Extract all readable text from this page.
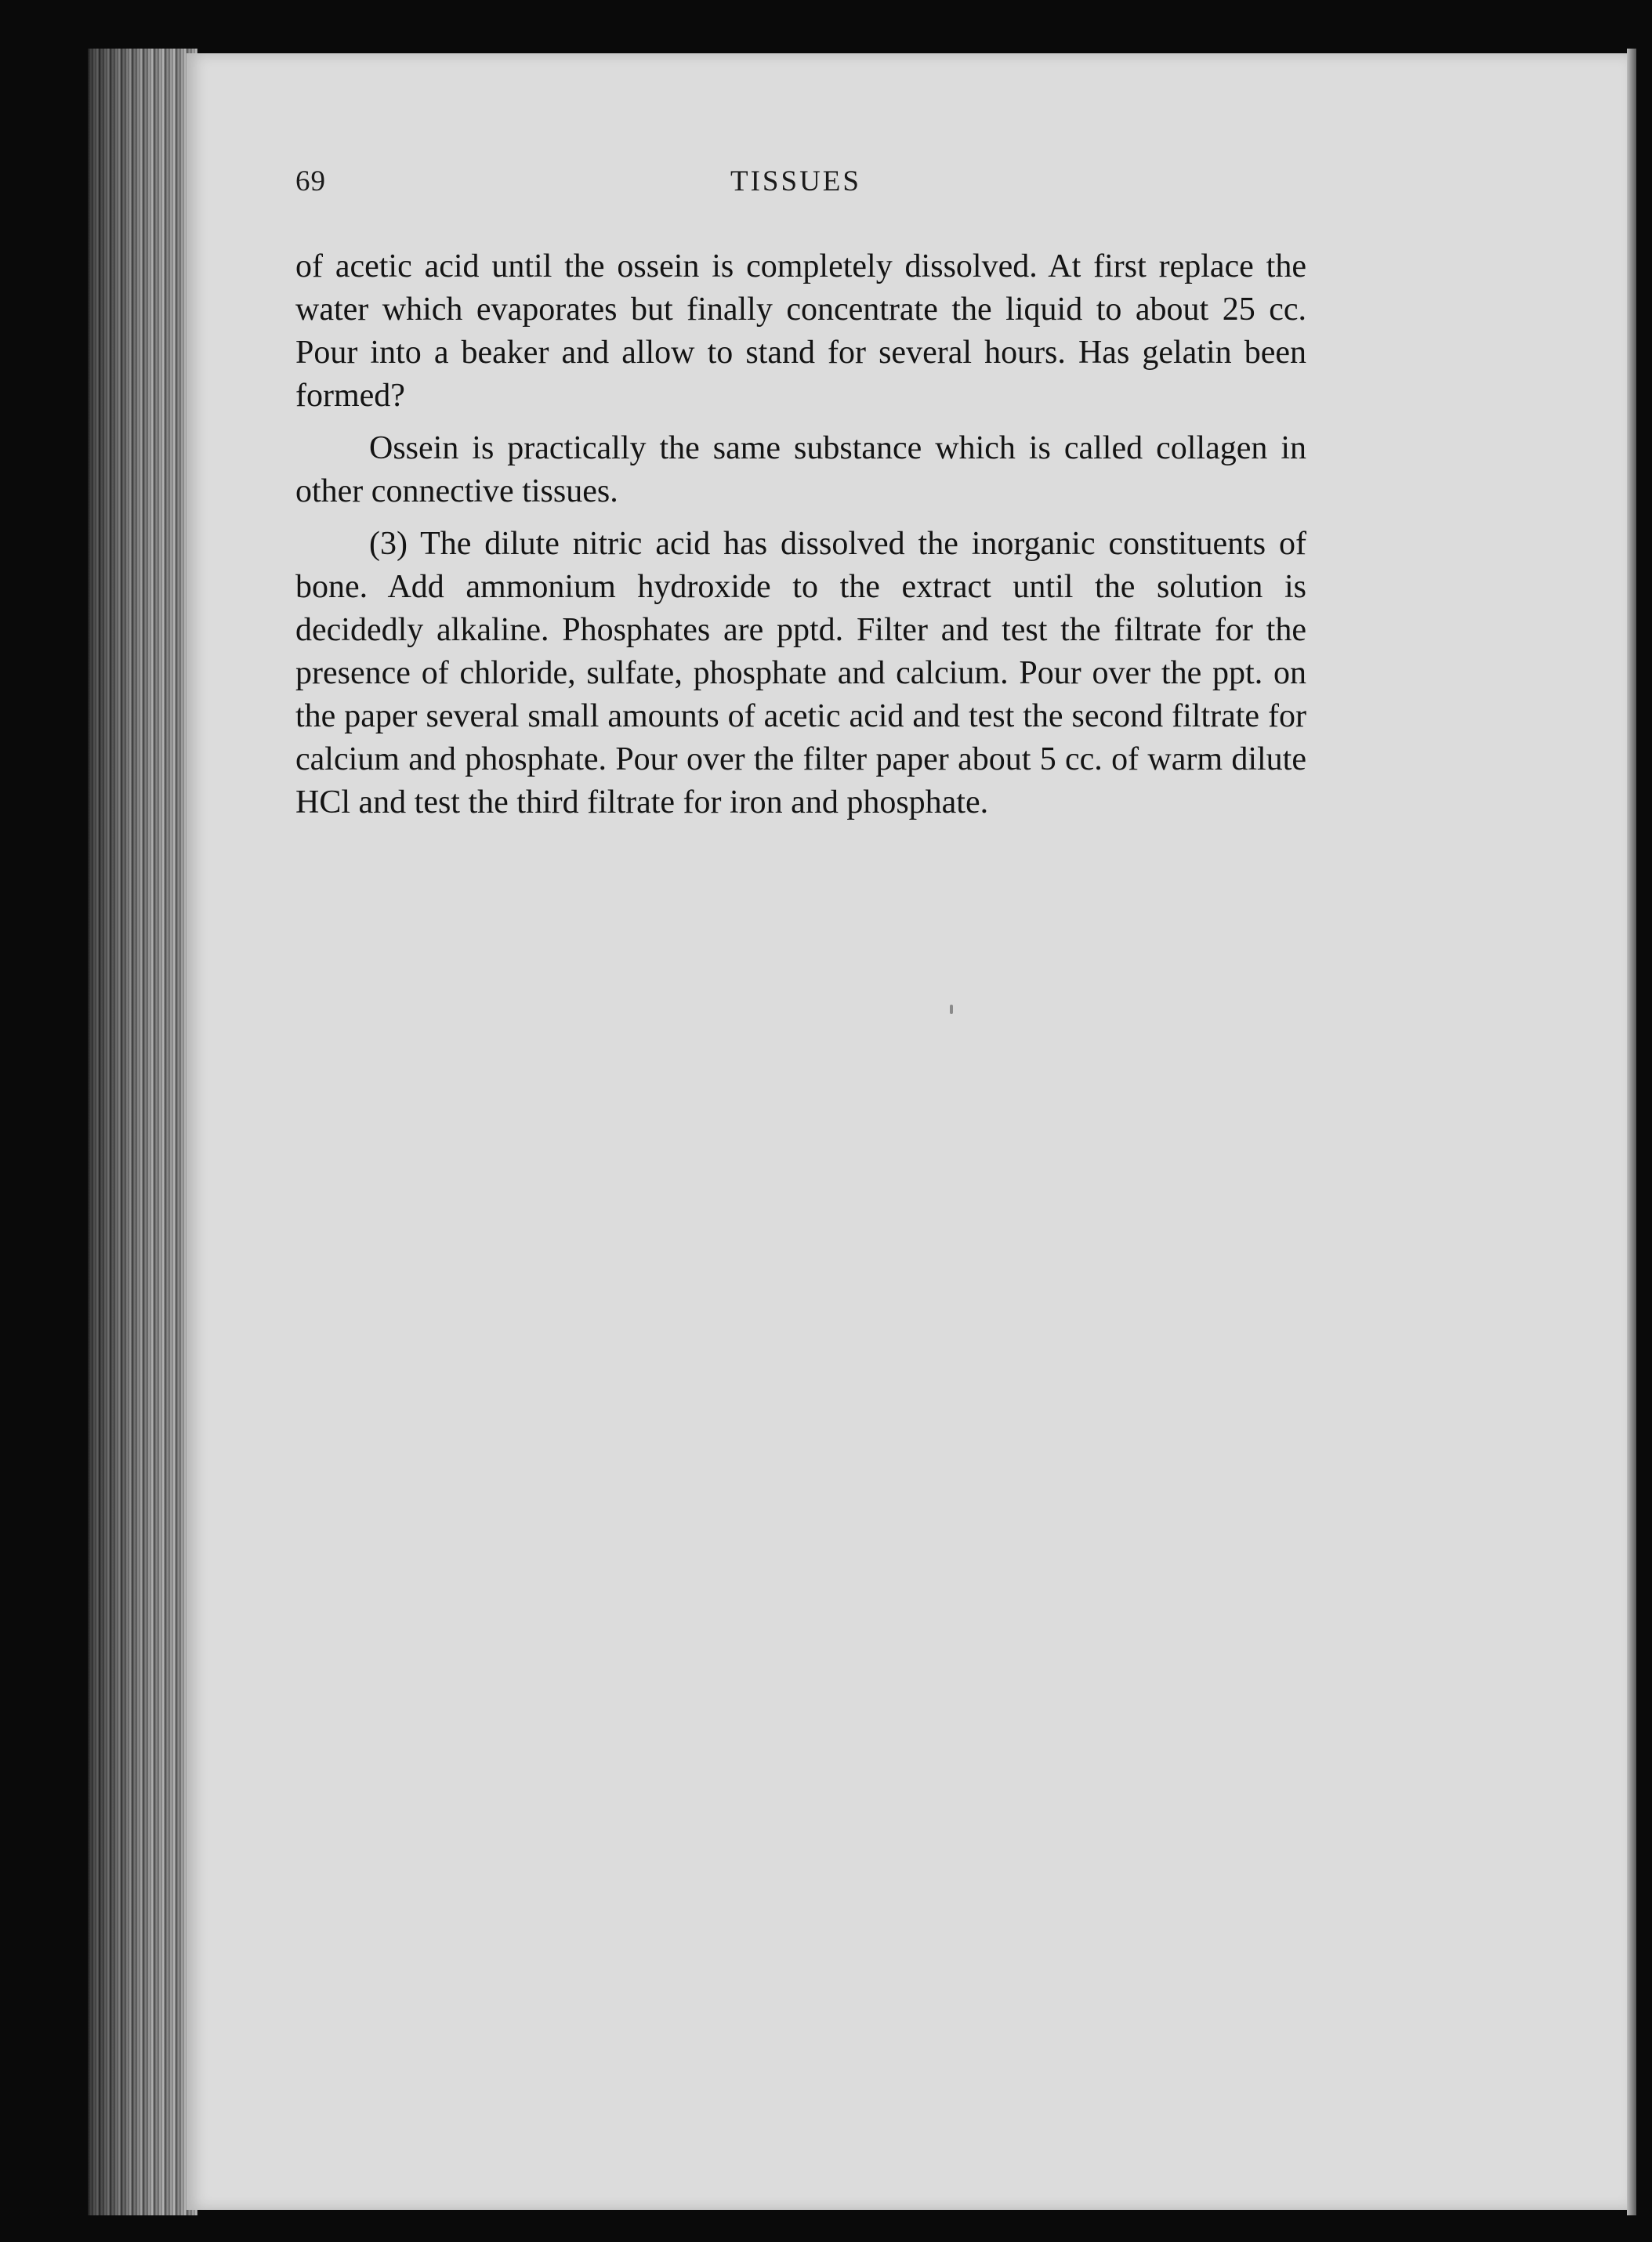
69	TISSUES

of acetic acid until the ossein is completely dissolved. At first replace the water which evaporates but finally concentrate the liquid to about 25 cc. Pour into a beaker and allow to stand for several hours. Has gelatin been formed?

Ossein is practically the same substance which is called collagen in other connective tissues.

(3) The dilute nitric acid has dissolved the inorganic constituents of bone. Add ammonium hydroxide to the extract until the solution is decidedly alkaline. Phosphates are pptd. Filter and test the filtrate for the presence of chloride, sulfate, phosphate and calcium. Pour over the ppt. on the paper several small amounts of acetic acid and test the second filtrate for calcium and phosphate. Pour over the filter paper about 5 cc. of warm dilute HCl and test the third filtrate for iron and phosphate.
